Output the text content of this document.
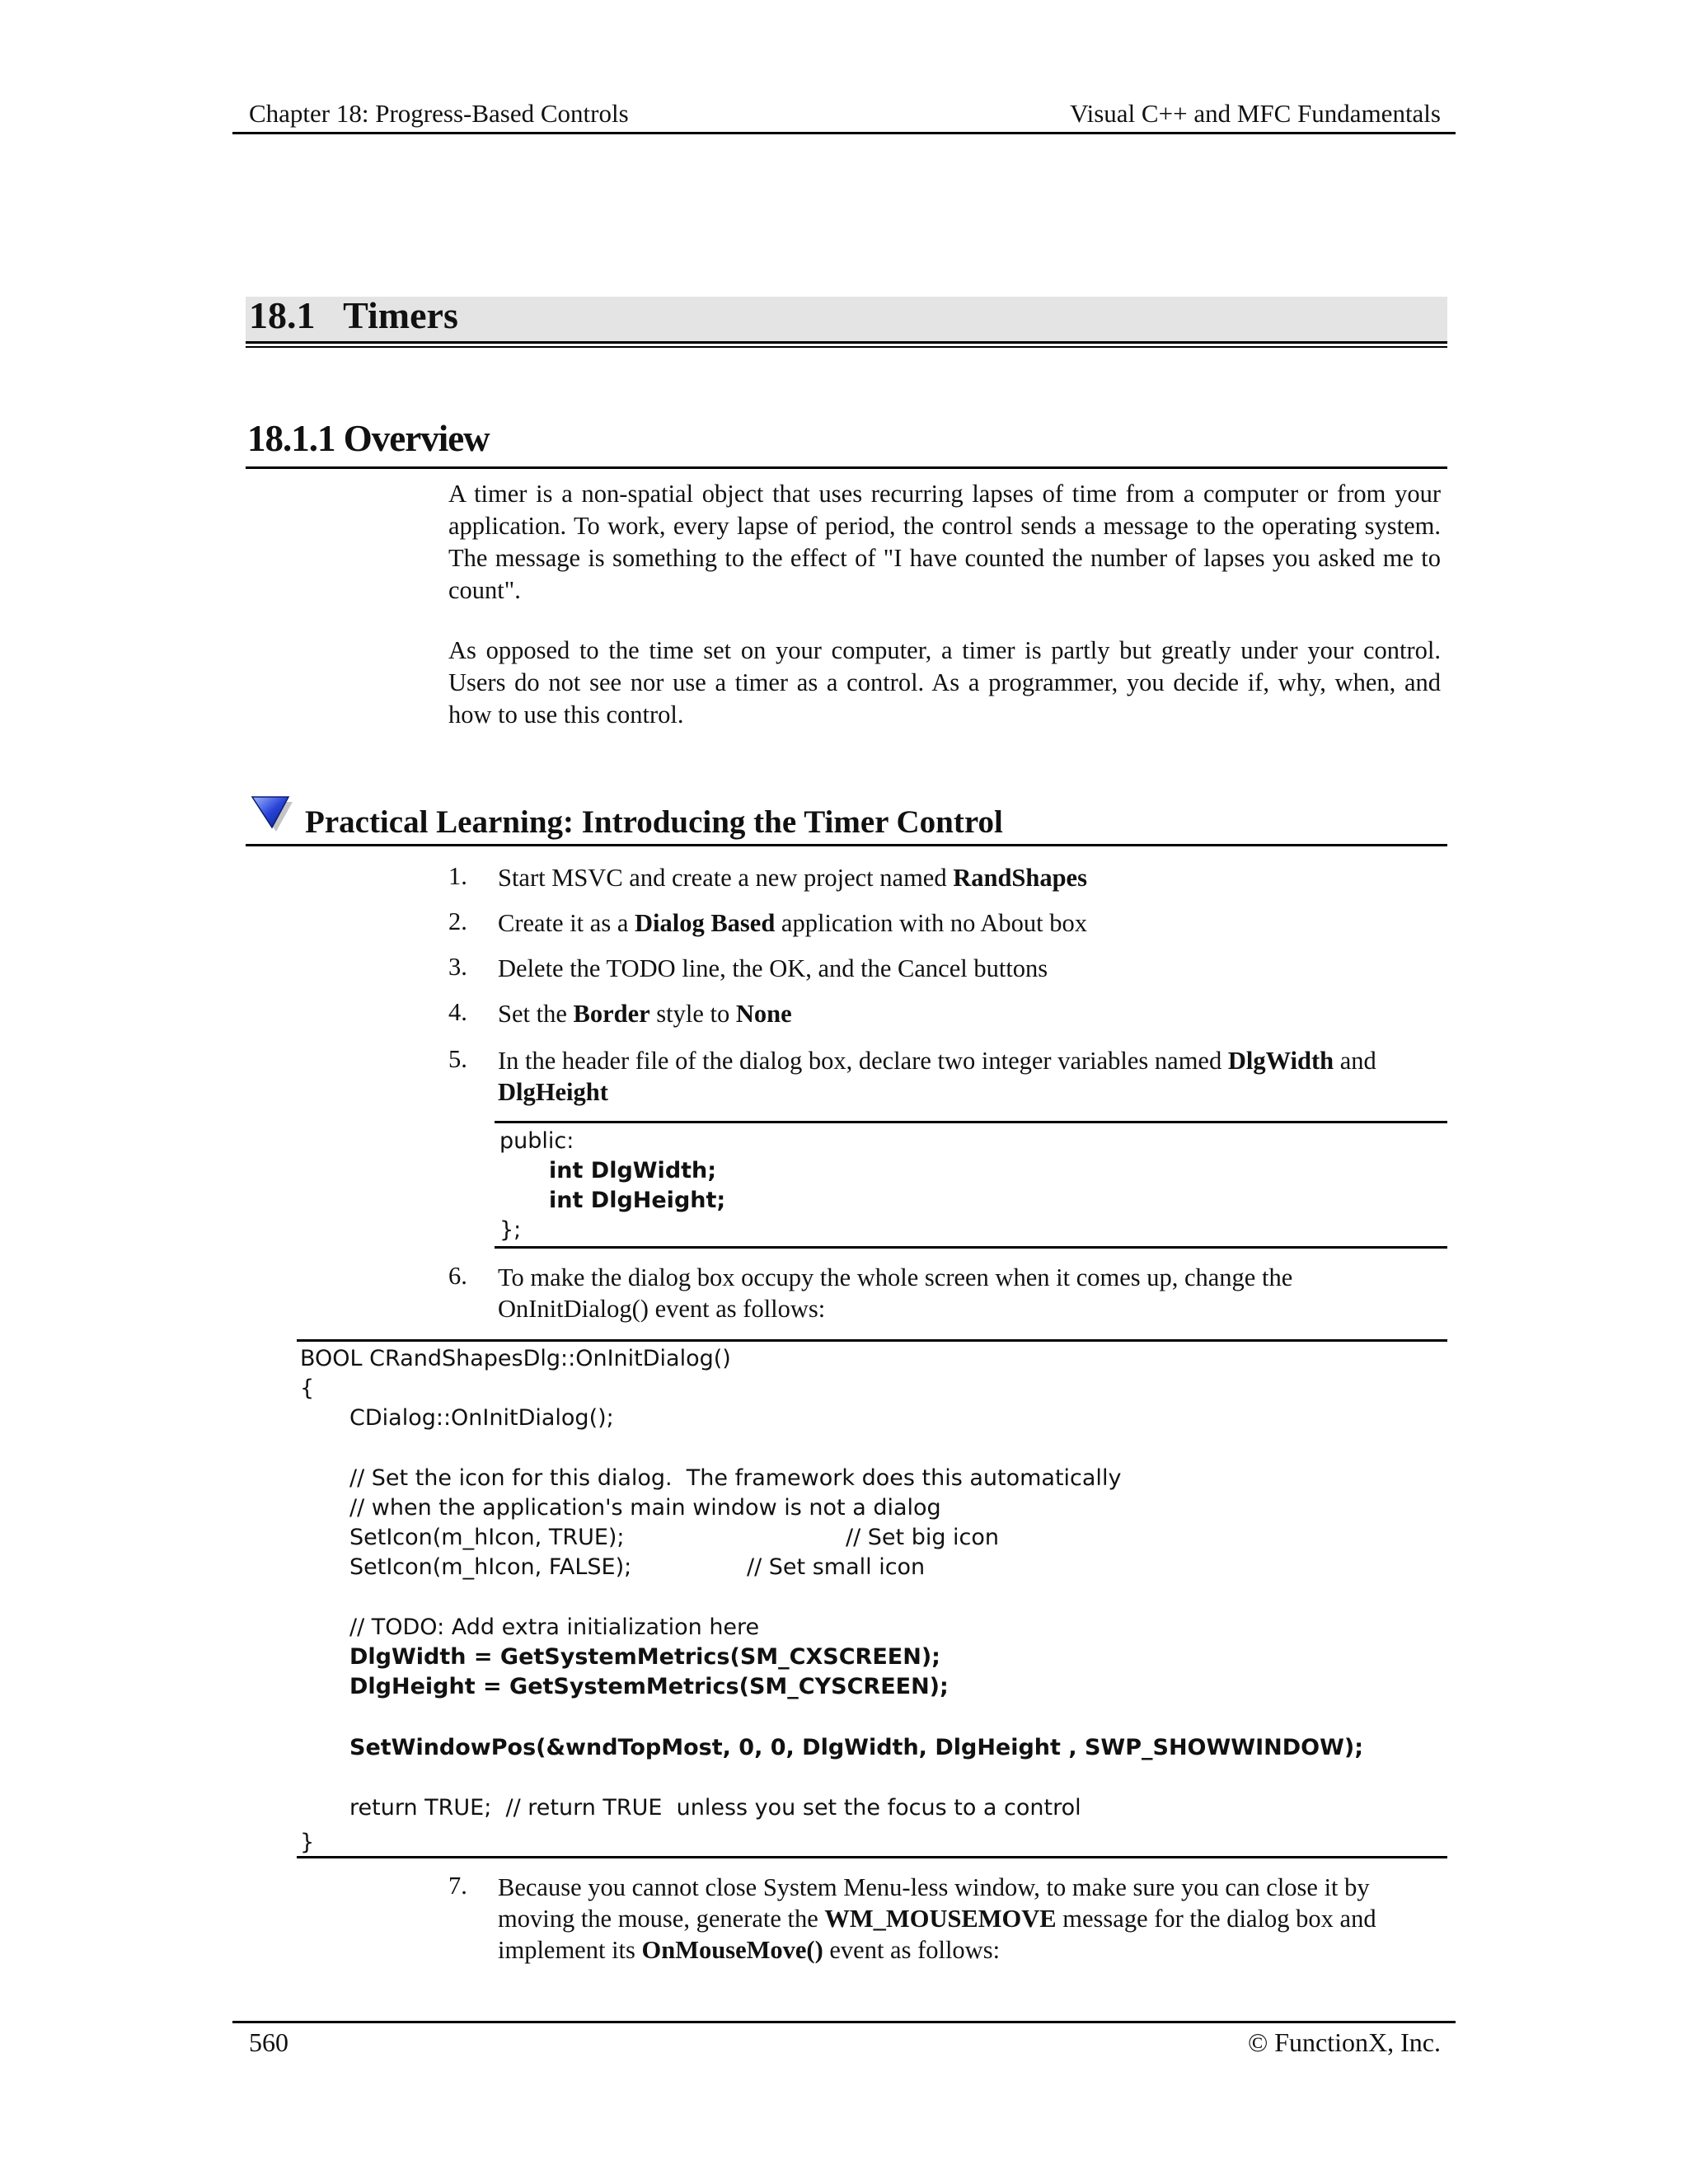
Chapter 18: Progress-Based Controls	Visual C++ and MFC Fundamentals
18.1 Timers
18.1.1 Overview
A timer is a non-spatial object that uses recurring lapses of time from a computer or from your application. To work, every lapse of period, the control sends a message to the operating system. The message is something to the effect of "I have counted the number of lapses you asked me to count".
As opposed to the time set on your computer, a timer is partly but greatly under your control. Users do not see nor use a timer as a control. As a programmer, you decide if, why, when, and how to use this control.
Practical Learning: Introducing the Timer Control
1. Start MSVC and create a new project named RandShapes
2. Create it as a Dialog Based application with no About box
3. Delete the TODO line, the OK, and the Cancel buttons
4. Set the Border style to None
5. In the header file of the dialog box, declare two integer variables named DlgWidth and DlgHeight
public:
int DlgWidth;
int DlgHeight;
};
6. To make the dialog box occupy the whole screen when it comes up, change the OnInitDialog() event as follows:
BOOL CRandShapesDlg::OnInitDialog()
{
CDialog::OnInitDialog();
// Set the icon for this dialog.  The framework does this automatically
// when the application's main window is not a dialog
SetIcon(m_hIcon, TRUE);	// Set big icon
SetIcon(m_hIcon, FALSE);	// Set small icon
// TODO: Add extra initialization here
DlgWidth = GetSystemMetrics(SM_CXSCREEN);
DlgHeight = GetSystemMetrics(SM_CYSCREEN);
SetWindowPos(&wndTopMost, 0, 0, DlgWidth, DlgHeight , SWP_SHOWWINDOW);
return TRUE;  // return TRUE  unless you set the focus to a control
}
7. Because you cannot close System Menu-less window, to make sure you can close it by moving the mouse, generate the WM_MOUSEMOVE message for the dialog box and implement its OnMouseMove() event as follows:
560	© FunctionX, Inc.
